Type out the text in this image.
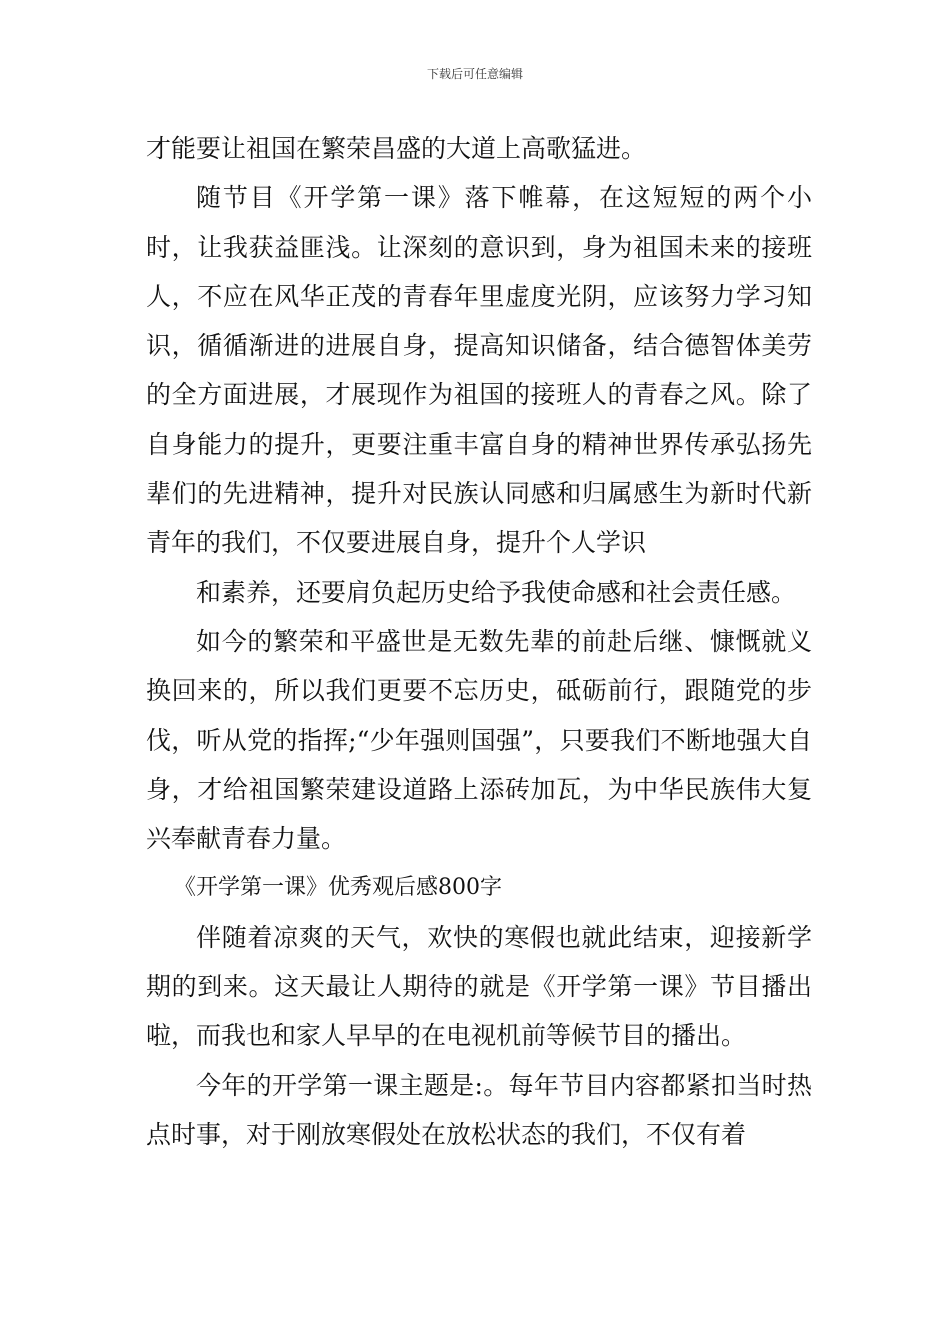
下载后可任意编辑

才能要让祖国在繁荣昌盛的大道上高歌猛进。

随节目《开学第一课》落下帷幕，在这短短的两个小时，让我获益匪浅。让深刻的意识到，身为祖国未来的接班人，不应在风华正茂的青春年里虚度光阴，应该努力学习知识，循循渐进的进展自身，提高知识储备，结合德智体美劳的全方面进展，才展现作为祖国的接班人的青春之风。除了自身能力的提升，更要注重丰富自身的精神世界传承弘扬先辈们的先进精神，提升对民族认同感和归属感生为新时代新青年的我们，不仅要进展自身，提升个人学识

和素养，还要肩负起历史给予我使命感和社会责任感。

如今的繁荣和平盛世是无数先辈的前赴后继、慷慨就义换回来的，所以我们更要不忘历史，砥砺前行，跟随党的步伐，听从党的指挥;“少年强则国强”，只要我们不断地强大自身，才给祖国繁荣建设道路上添砖加瓦，为中华民族伟大复兴奉献青春力量。

《开学第一课》优秀观后感800字

伴随着凉爽的天气，欢快的寒假也就此结束，迎接新学期的到来。这天最让人期待的就是《开学第一课》节目播出啦，而我也和家人早早的在电视机前等候节目的播出。

今年的开学第一课主题是:。每年节目内容都紧扣当时热点时事，对于刚放寒假处在放松状态的我们，不仅有着
